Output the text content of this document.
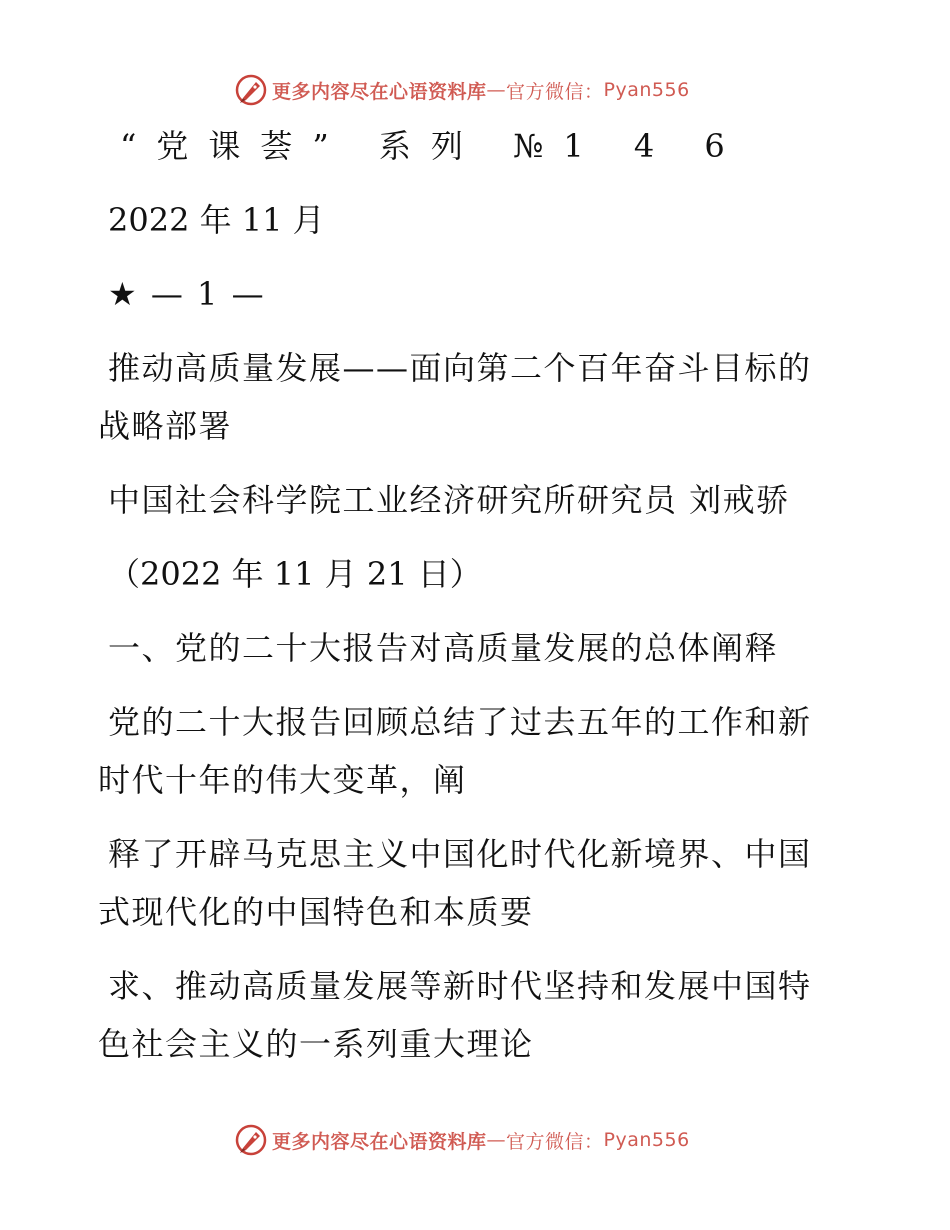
更多内容尽在心语资料库 — 官方微信： Pyan556
“党课荟” 系列 №1 4 6
2022 年 11 月
★ — 1 —
推动高质量发展——面向第二个百年奋斗目标的
战略部署
中国社会科学院工业经济研究所研究员 刘戒骄
（2022 年 11 月 21 日）
一、党的二十大报告对高质量发展的总体阐释
党的二十大报告回顾总结了过去五年的工作和新
时代十年的伟大变革，阐
释了开辟马克思主义中国化时代化新境界、中国
式现代化的中国特色和本质要
求、推动高质量发展等新时代坚持和发展中国特
色社会主义的一系列重大理论
更多内容尽在心语资料库 — 官方微信： Pyan556
